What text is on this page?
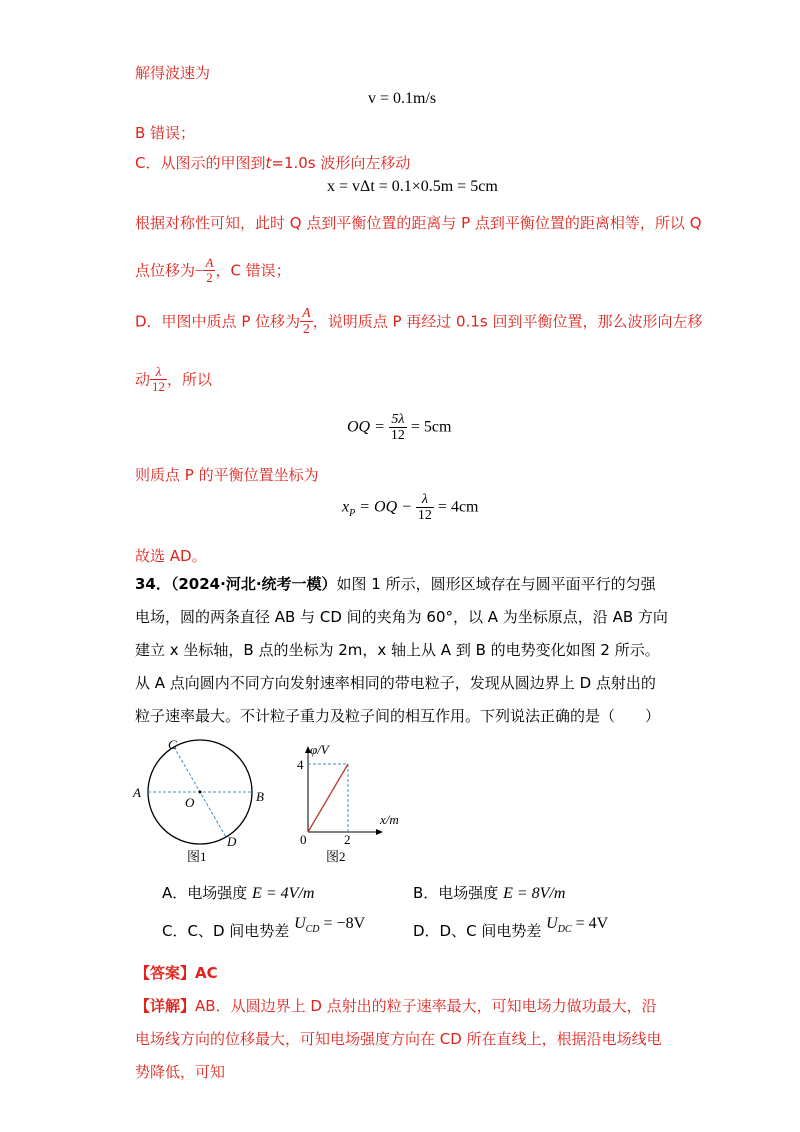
解得波速为
v = 0.1m/s
B 错误；
C．从图示的甲图到t=1.0s 波形向左移动
x = vΔt = 0.1×0.5m = 5cm
根据对称性可知，此时 Q 点到平衡位置的距离与 P 点到平衡位置的距离相等，所以 Q
点位移为− $\frac{A}{2}$ ，C 错误；
D．甲图中质点 P 位移为 $\frac{A}{2}$ ，说明质点 P 再经过 0.1s 回到平衡位置，那么波形向左移
动 $\frac{\lambda}{12}$ ，所以
OQ = $\frac{5\lambda}{12} = 5cm$
则质点 P 的平衡位置坐标为
$x_P$ = OQ − $\frac{\lambda}{12} = 4cm$
故选 AD。
34．（2024·河北·统考一模）如图 1 所示，圆形区域存在与圆平面平行的匀强电场，圆的两条直径 AB 与 CD 间的夹角为 60°，以 A 为坐标原点，沿 AB 方向建立 x 坐标轴，B 点的坐标为 2m，x 轴上从 A 到 B 的电势变化如图 2 所示。从 A 点向圆内不同方向发射速率相同的带电粒子，发现从圆边界上 D 点射出的粒子速率最大。不计粒子重力及粒子间的相互作用。下列说法正确的是（　　）
C
A
O	B
D
图1
φ/V
4
x/m
0	2
图2
A．电场强度 E = 4V/m	B．电场强度 E = 8V/m
C．C、D 间电势差 $U_{CD} = -8V$	D．D、C 间电势差 $U_{DC} = 4V$
【答案】AC
【详解】AB．从圆边界上 D 点射出的粒子速率最大，可知电场力做功最大，沿电场线方向的位移最大，可知电场强度方向在 CD 所在直线上，根据沿电场线电势降低，可知
